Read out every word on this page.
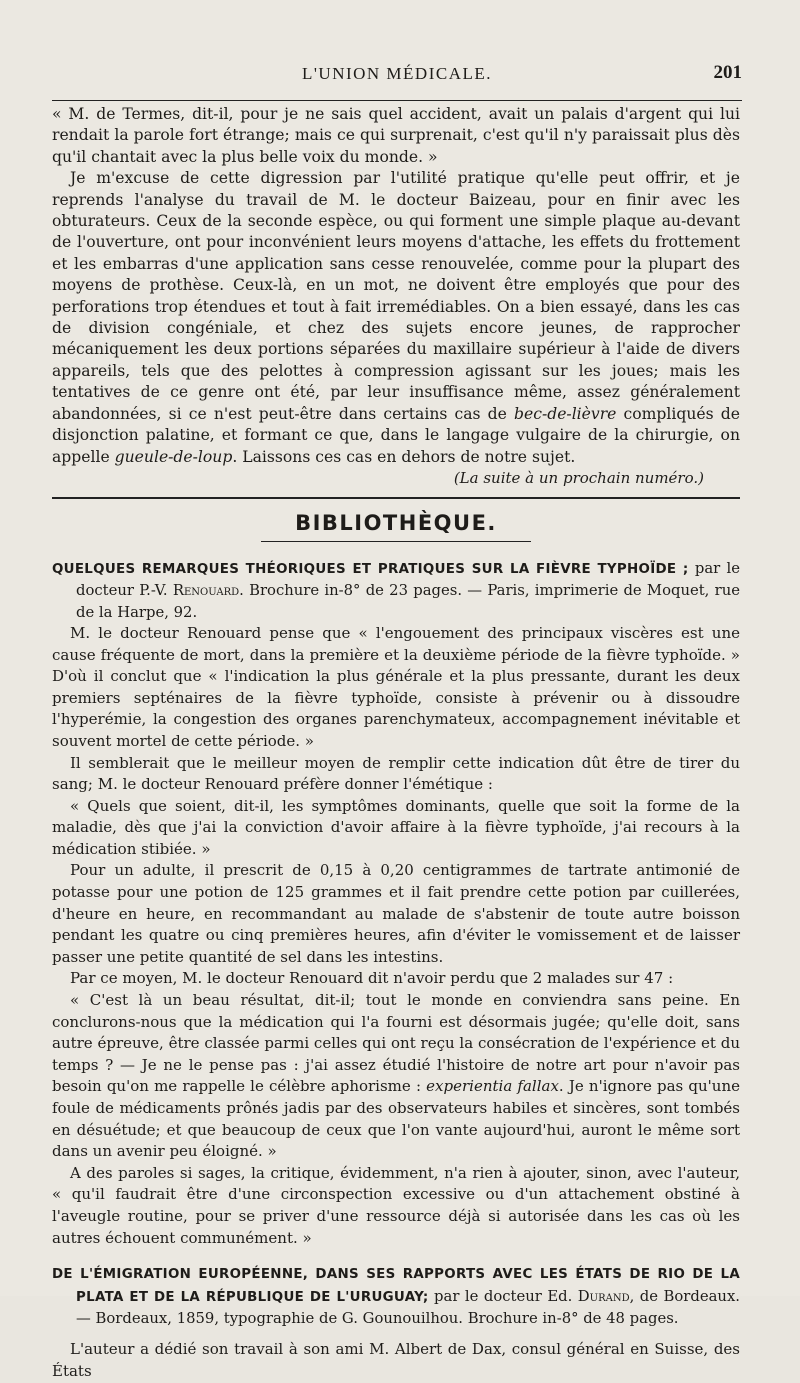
L'UNION MÉDICALE.	201

« M. de Termes, dit-il, pour je ne sais quel accident, avait un palais d'argent qui lui rendait la parole fort étrange; mais ce qui surprenait, c'est qu'il n'y paraissait plus dès qu'il chantait avec la plus belle voix du monde. »

Je m'excuse de cette digression par l'utilité pratique qu'elle peut offrir, et je reprends l'analyse du travail de M. le docteur Baizeau, pour en finir avec les obturateurs. Ceux de la seconde espèce, ou qui forment une simple plaque au-devant de l'ouverture, ont pour inconvénient leurs moyens d'attache, les effets du frottement et les embarras d'une application sans cesse renouvelée, comme pour la plupart des moyens de prothèse. Ceux-là, en un mot, ne doivent être employés que pour des perforations trop étendues et tout à fait irremédiables. On a bien essayé, dans les cas de division congéniale, et chez des sujets encore jeunes, de rapprocher mécaniquement les deux portions séparées du maxillaire supérieur à l'aide de divers appareils, tels que des pelottes à compression agissant sur les joues; mais les tentatives de ce genre ont été, par leur insuffisance même, assez généralement abandonnées, si ce n'est peut-être dans certains cas de bec-de-lièvre compliqués de disjonction palatine, et formant ce que, dans le langage vulgaire de la chirurgie, on appelle gueule-de-loup. Laissons ces cas en dehors de notre sujet.

(La suite à un prochain numéro.)

BIBLIOTHÈQUE.

QUELQUES REMARQUES THÉORIQUES ET PRATIQUES SUR LA FIÈVRE TYPHOÏDE ; par le docteur P.-V. Renouard. Brochure in-8° de 23 pages. — Paris, imprimerie de Moquet, rue de la Harpe, 92.

M. le docteur Renouard pense que « l'engouement des principaux viscères est une cause fréquente de mort, dans la première et la deuxième période de la fièvre typhoïde. » D'où il conclut que « l'indication la plus générale et la plus pressante, durant les deux premiers septénaires de la fièvre typhoïde, consiste à prévenir ou à dissoudre l'hyperémie, la congestion des organes parenchymateux, accompagnement inévitable et souvent mortel de cette période. »

Il semblerait que le meilleur moyen de remplir cette indication dût être de tirer du sang; M. le docteur Renouard préfère donner l'émétique :

« Quels que soient, dit-il, les symptômes dominants, quelle que soit la forme de la maladie, dès que j'ai la conviction d'avoir affaire à la fièvre typhoïde, j'ai recours à la médication stibiée. »

Pour un adulte, il prescrit de 0,15 à 0,20 centigrammes de tartrate antimonié de potasse pour une potion de 125 grammes et il fait prendre cette potion par cuillerées, d'heure en heure, en recommandant au malade de s'abstenir de toute autre boisson pendant les quatre ou cinq premières heures, afin d'éviter le vomissement et de laisser passer une petite quantité de sel dans les intestins.

Par ce moyen, M. le docteur Renouard dit n'avoir perdu que 2 malades sur 47 :

« C'est là un beau résultat, dit-il; tout le monde en conviendra sans peine. En conclurons-nous que la médication qui l'a fourni est désormais jugée; qu'elle doit, sans autre épreuve, être classée parmi celles qui ont reçu la consécration de l'expérience et du temps ? — Je ne le pense pas : j'ai assez étudié l'histoire de notre art pour n'avoir pas besoin qu'on me rappelle le célèbre aphorisme : experientia fallax. Je n'ignore pas qu'une foule de médicaments prônés jadis par des observateurs habiles et sincères, sont tombés en désuétude; et que beaucoup de ceux que l'on vante aujourd'hui, auront le même sort dans un avenir peu éloigné. »

A des paroles si sages, la critique, évidemment, n'a rien à ajouter, sinon, avec l'auteur, « qu'il faudrait être d'une circonspection excessive ou d'un attachement obstiné à l'aveugle routine, pour se priver d'une ressource déjà si autorisée dans les cas où les autres échouent communément. »

DE L'ÉMIGRATION EUROPÉENNE, DANS SES RAPPORTS AVEC LES ÉTATS DE RIO DE LA PLATA ET DE LA RÉPUBLIQUE DE L'URUGUAY; par le docteur Ed. Durand, de Bordeaux. — Bordeaux, 1859, typographie de G. Gounouilhou. Brochure in-8° de 48 pages.

L'auteur a dédié son travail à son ami M. Albert de Dax, consul général en Suisse, des États
